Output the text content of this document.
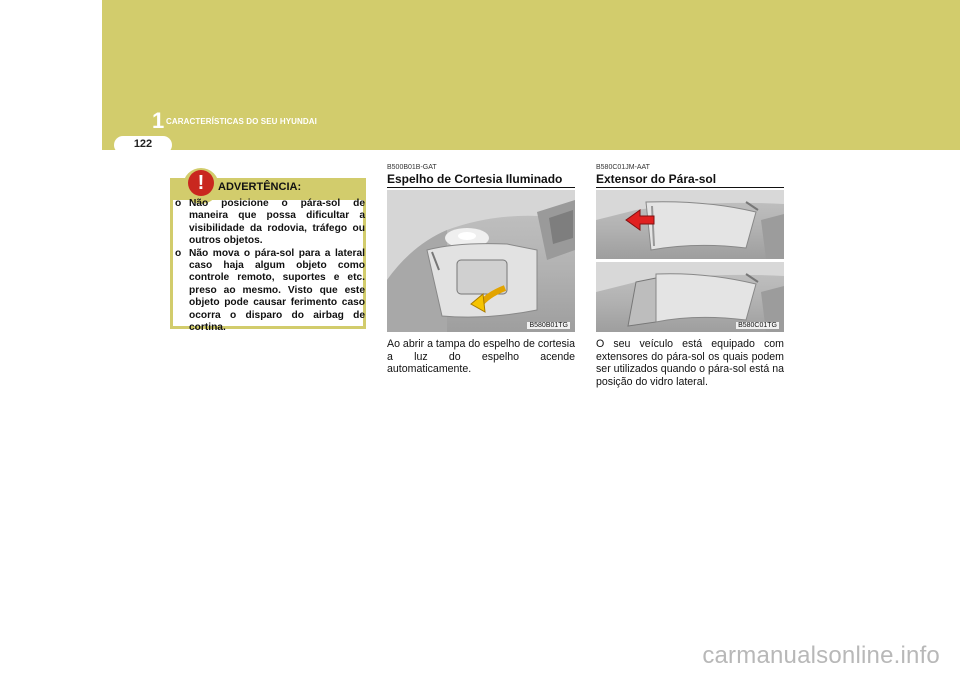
1 CARACTERÍSTICAS DO SEU HYUNDAI
122
!	ADVERTÊNCIA:
o Não posicione o pára-sol de maneira que possa dificultar a visibilidade da rodovia, tráfego ou outros objetos.
o Não mova o pára-sol para a lateral caso haja algum objeto como controle remoto, suportes e etc. preso ao mesmo. Visto que este objeto pode causar ferimento caso ocorra o disparo do airbag de cortina.
B500B01B-GAT
Espelho de Cortesia Iluminado
B580B01TG
Ao abrir a tampa do espelho de cortesia a luz do espelho acende automaticamente.
B580C01JM-AAT
Extensor do Pára-sol
B580C01TG
O seu veículo está equipado com extensores do pára-sol os quais podem ser utilizados quando o pára-sol está na posição do vidro lateral.
carmanualsonline.info
